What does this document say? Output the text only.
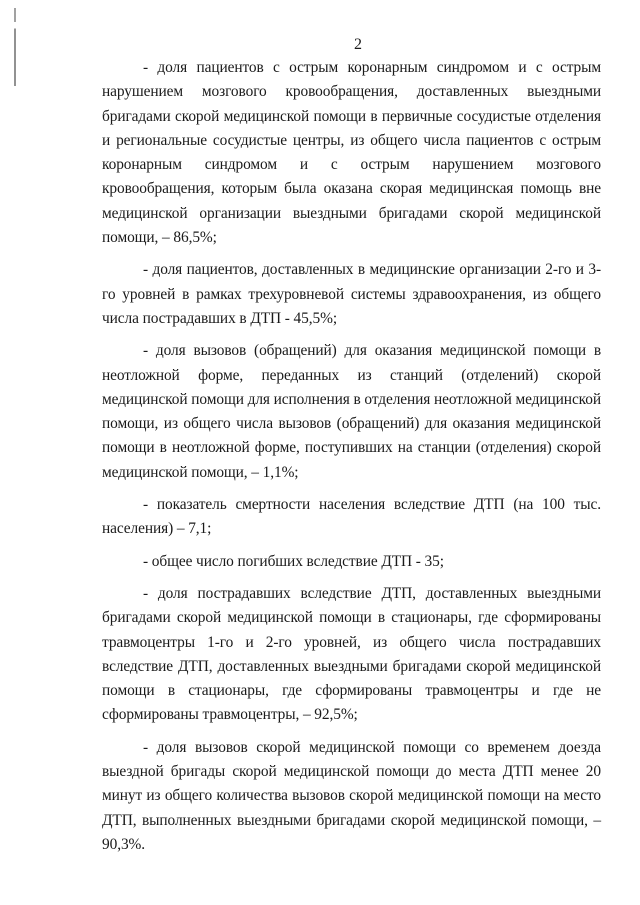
2

- доля пациентов с острым коронарным синдромом и с острым нарушением мозгового кровообращения, доставленных выездными бригадами скорой медицинской помощи в первичные сосудистые отделения и региональные сосудистые центры, из общего числа пациентов с острым коронарным синдромом и с острым нарушением мозгового кровообращения, которым была оказана скорая медицинская помощь вне медицинской организации выездными бригадами скорой медицинской помощи, – 86,5%;

- доля пациентов, доставленных в медицинские организации 2-го и 3-го уровней в рамках трехуровневой системы здравоохранения, из общего числа пострадавших в ДТП - 45,5%;

- доля вызовов (обращений) для оказания медицинской помощи в неотложной форме, переданных из станций (отделений) скорой медицинской помощи для исполнения в отделения неотложной медицинской помощи, из общего числа вызовов (обращений) для оказания медицинской помощи в неотложной форме, поступивших на станции (отделения) скорой медицинской помощи, – 1,1%;

- показатель смертности населения вследствие ДТП (на 100 тыс. населения) – 7,1;

- общее число погибших вследствие ДТП - 35;

- доля пострадавших вследствие ДТП, доставленных выездными бригадами скорой медицинской помощи в стационары, где сформированы травмоцентры 1-го и 2-го уровней, из общего числа пострадавших вследствие ДТП, доставленных выездными бригадами скорой медицинской помощи в стационары, где сформированы травмоцентры и где не сформированы травмоцентры, – 92,5%;

- доля вызовов скорой медицинской помощи со временем доезда выездной бригады скорой медицинской помощи до места ДТП менее 20 минут из общего количества вызовов скорой медицинской помощи на место ДТП, выполненных выездными бригадами скорой медицинской помощи, – 90,3%.
